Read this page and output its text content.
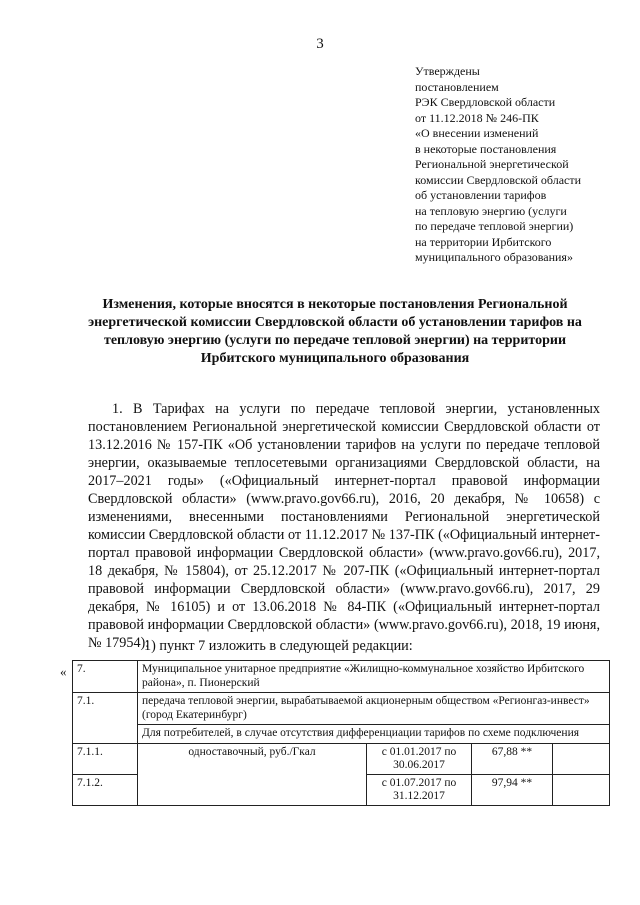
3
Утверждены
постановлением
РЭК Свердловской области
от 11.12.2018 № 246-ПК
«О внесении изменений
в некоторые постановления
Региональной энергетической
комиссии Свердловской области
об установлении тарифов
на тепловую энергию (услуги
по передаче тепловой энергии)
на территории Ирбитского
муниципального образования»
Изменения, которые вносятся в некоторые постановления Региональной энергетической комиссии Свердловской области об установлении тарифов на тепловую энергию (услуги по передаче тепловой энергии) на территории Ирбитского муниципального образования

1. В Тарифах на услуги по передаче тепловой энергии, установленных постановлением Региональной энергетической комиссии Свердловской области от 13.12.2016 № 157-ПК «Об установлении тарифов на услуги по передаче тепловой энергии, оказываемые теплосетевыми организациями Свердловской области, на 2017–2021 годы» («Официальный интернет-портал правовой информации Свердловской области» (www.pravo.gov66.ru), 2016, 20 декабря, № 10658) с изменениями, внесенными постановлениями Региональной энергетической комиссии Свердловской области от 11.12.2017 № 137-ПК («Официальный интернет-портал правовой информации Свердловской области» (www.pravo.gov66.ru), 2017, 18 декабря, № 15804), от 25.12.2017 № 207-ПК («Официальный интернет-портал правовой информации Свердловской области» (www.pravo.gov66.ru), 2017, 29 декабря, № 16105) и от 13.06.2018 № 84-ПК («Официальный интернет-портал правовой информации Свердловской области» (www.pravo.gov66.ru), 2018, 19 июня, № 17954):

1) пункт 7 изложить в следующей редакции:
« 7.	Муниципальное унитарное предприятие «Жилищно-коммунальное хозяйство Ирбитского района», п. Пионерский			
7.1.	передача тепловой энергии, вырабатываемой акционерным обществом «Регионгаз-инвест» (город Екатеринбург)			
	Для потребителей, в случае отсутствия дифференциации тарифов по схеме подключения			
7.1.1.	одноставочный, руб./Гкал	с 01.01.2017 по 30.06.2017	67,88 **	
7.1.2.		с 01.07.2017 по 31.12.2017	97,94 **	
